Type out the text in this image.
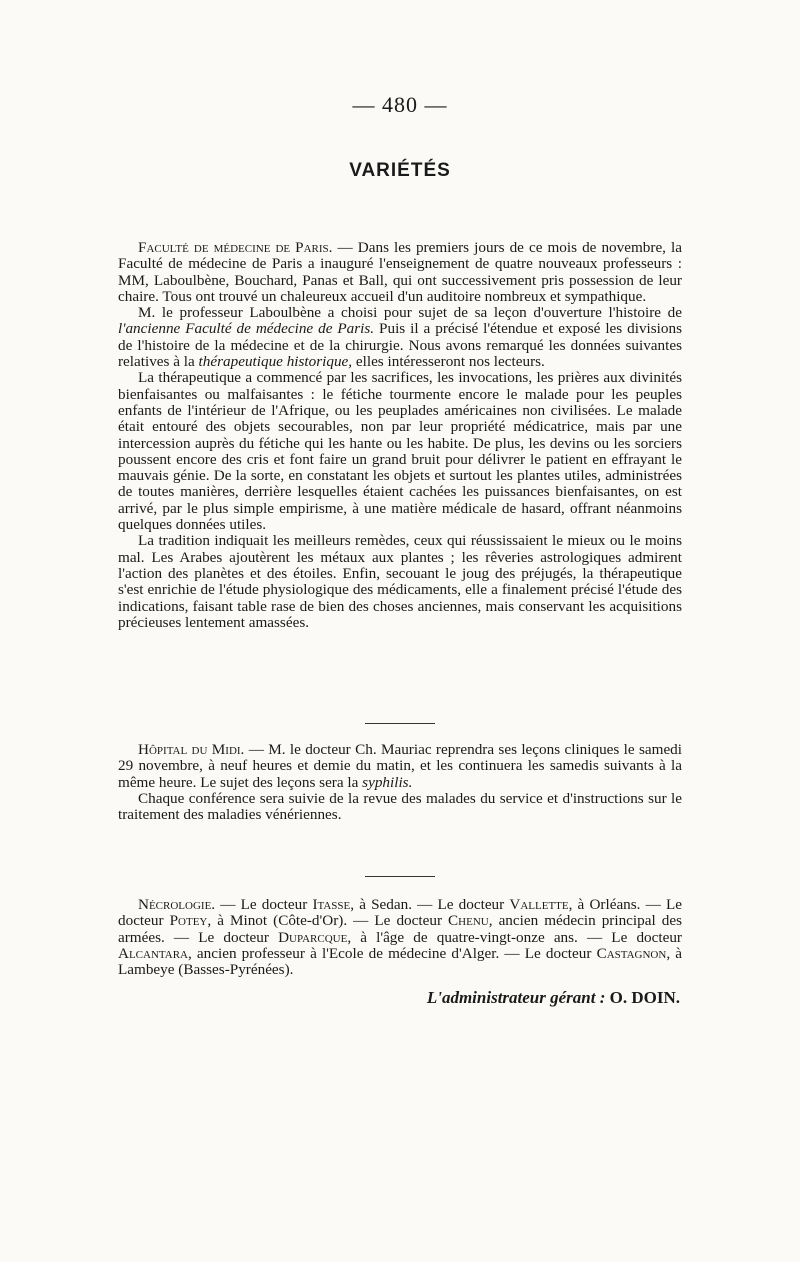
— 480 —
VARIÉTÉS

Faculté de médecine de Paris. — Dans les premiers jours de ce mois de novembre, la Faculté de médecine de Paris a inauguré l'enseignement de quatre nouveaux professeurs : MM, Laboulbène, Bouchard, Panas et Ball, qui ont successivement pris possession de leur chaire. Tous ont trouvé un chaleureux accueil d'un auditoire nombreux et sympathique.

M. le professeur Laboulbène a choisi pour sujet de sa leçon d'ouverture l'histoire de l'ancienne Faculté de médecine de Paris. Puis il a précisé l'étendue et exposé les divisions de l'histoire de la médecine et de la chirurgie. Nous avons remarqué les données suivantes relatives à la thérapeutique historique, elles intéresseront nos lecteurs.

La thérapeutique a commencé par les sacrifices, les invocations, les prières aux divinités bienfaisantes ou malfaisantes : le fétiche tourmente encore le malade pour les peuples enfants de l'intérieur de l'Afrique, ou les peuplades américaines non civilisées. Le malade était entouré des objets secourables, non par leur propriété médicatrice, mais par une intercession auprès du fétiche qui les hante ou les habite. De plus, les devins ou les sorciers poussent encore des cris et font faire un grand bruit pour délivrer le patient en effrayant le mauvais génie. De la sorte, en constatant les objets et surtout les plantes utiles, administrées de toutes manières, derrière lesquelles étaient cachées les puissances bienfaisantes, on est arrivé, par le plus simple empirisme, à une matière médicale de hasard, offrant néanmoins quelques données utiles.

La tradition indiquait les meilleurs remèdes, ceux qui réussissaient le mieux ou le moins mal. Les Arabes ajoutèrent les métaux aux plantes ; les rêveries astrologiques admirent l'action des planètes et des étoiles. Enfin, secouant le joug des préjugés, la thérapeutique s'est enrichie de l'étude physiologique des médicaments, elle a finalement précisé l'étude des indications, faisant table rase de bien des choses anciennes, mais conservant les acquisitions précieuses lentement amassées.

Hôpital du Midi. — M. le docteur Ch. Mauriac reprendra ses leçons cliniques le samedi 29 novembre, à neuf heures et demie du matin, et les continuera les samedis suivants à la même heure. Le sujet des leçons sera la syphilis.

Chaque conférence sera suivie de la revue des malades du service et d'instructions sur le traitement des maladies vénériennes.

Nécrologie. — Le docteur Itasse, à Sedan. — Le docteur Vallette, à Orléans. — Le docteur Potey, à Minot (Côte-d'Or). — Le docteur Chenu, ancien médecin principal des armées. — Le docteur Duparcque, à l'âge de quatre-vingt-onze ans. — Le docteur Alcantara, ancien professeur à l'Ecole de médecine d'Alger. — Le docteur Castagnon, à Lambeye (Basses-Pyrénées).

L'administrateur gérant : O. DOIN.
